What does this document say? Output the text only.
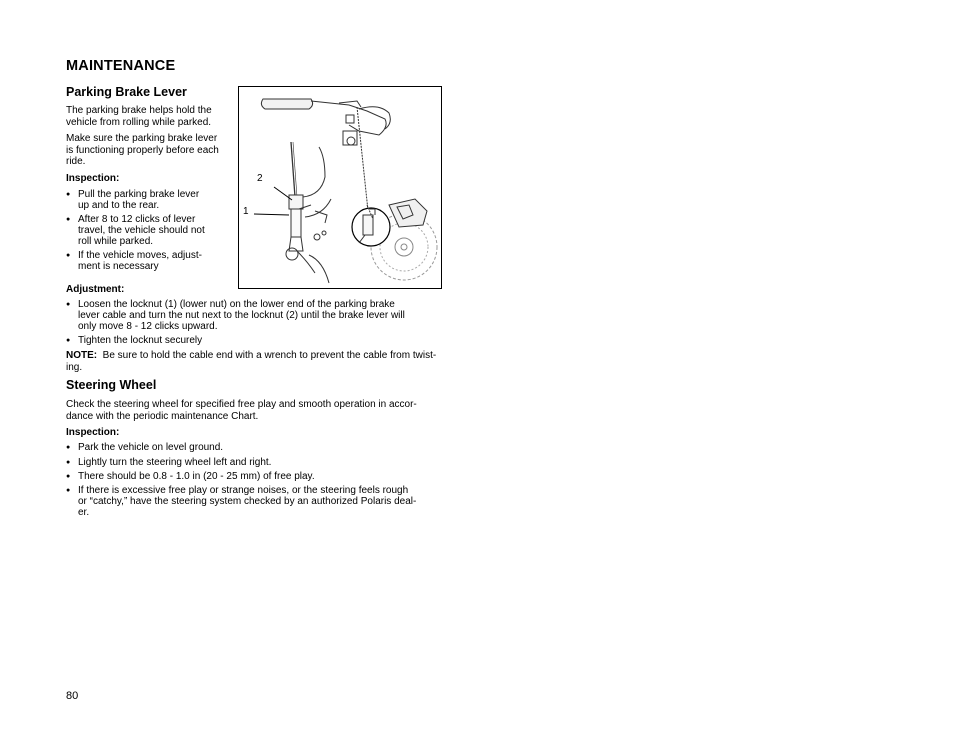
MAINTENANCE
Parking Brake Lever
The parking brake helps hold the
vehicle from rolling while parked.
Make sure the parking brake lever
is functioning properly before each
ride.
Inspection:
● Pull the parking brake lever
up and to the rear.
● After 8 to 12 clicks of lever
travel, the vehicle should not
roll while parked.
● If the vehicle moves, adjust-
ment is necessary
2
1
Adjustment:
● Loosen the locknut (1) (lower nut) on the lower end of the parking brake
lever cable and turn the nut next to the locknut (2) until the brake lever will
only move 8 - 12 clicks upward.
● Tighten the locknut securely
NOTE: Be sure to hold the cable end with a wrench to prevent the cable from twist-
ing.
Steering Wheel
Check the steering wheel for specified free play and smooth operation in accor-
dance with the periodic maintenance Chart.
Inspection:
● Park the vehicle on level ground.
● Lightly turn the steering wheel left and right.
● There should be 0.8 - 1.0 in (20 - 25 mm) of free play.
● If there is excessive free play or strange noises, or the steering feels rough
or “catchy,” have the steering system checked by an authorized Polaris deal-
er.
80
